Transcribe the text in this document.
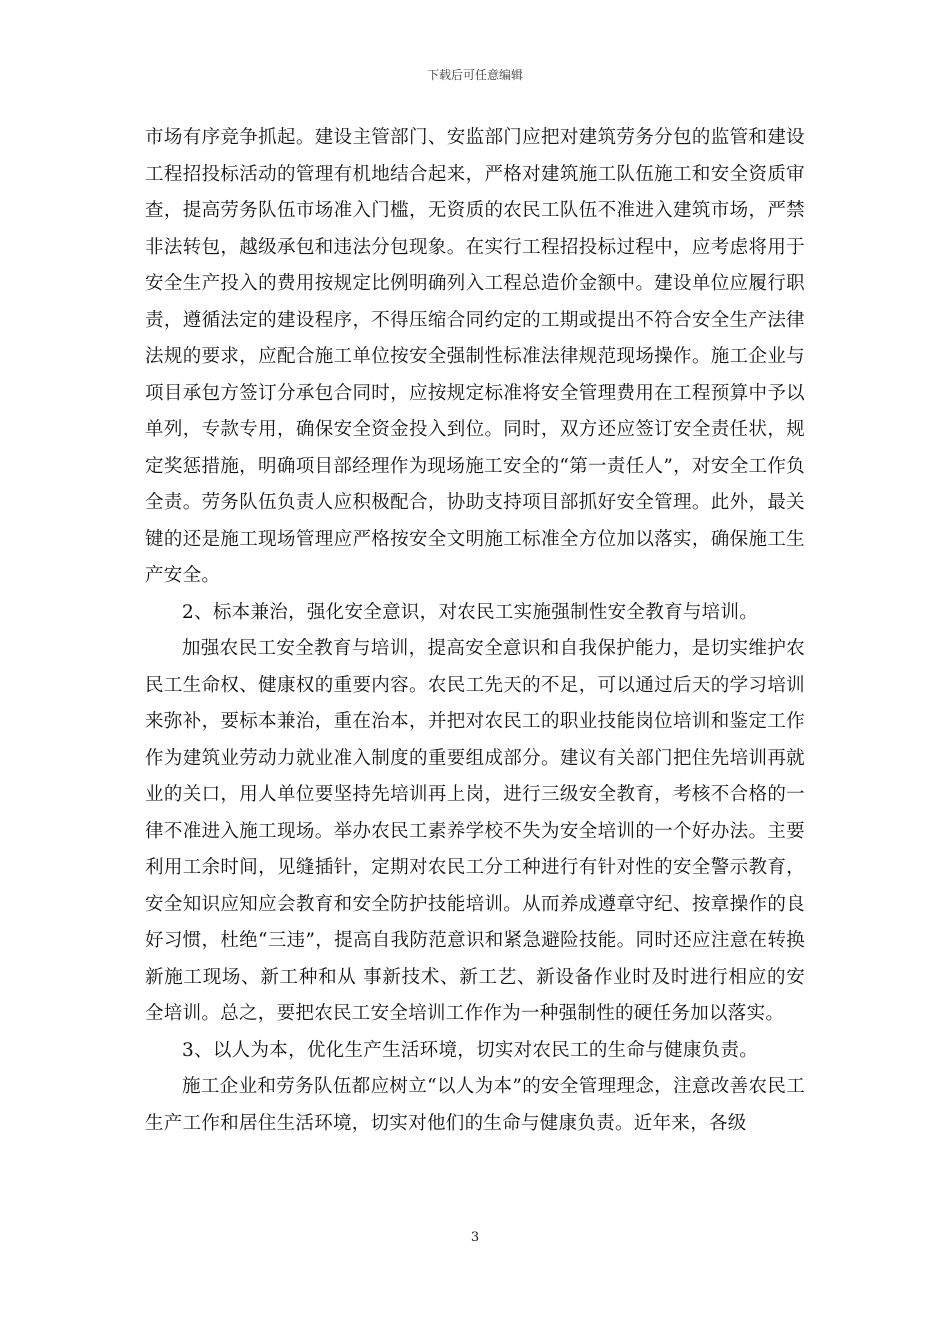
下载后可任意编辑

市场有序竞争抓起。建设主管部门、安监部门应把对建筑劳务分包的监管和建设工程招投标活动的管理有机地结合起来，严格对建筑施工队伍施工和安全资质审查，提高劳务队伍市场准入门槛，无资质的农民工队伍不准进入建筑市场，严禁非法转包，越级承包和违法分包现象。在实行工程招投标过程中，应考虑将用于安全生产投入的费用按规定比例明确列入工程总造价金额中。建设单位应履行职责，遵循法定的建设程序，不得压缩合同约定的工期或提出不符合安全生产法律法规的要求，应配合施工单位按安全强制性标准法律规范现场操作。施工企业与项目承包方签订分承包合同时，应按规定标准将安全管理费用在工程预算中予以单列，专款专用，确保安全资金投入到位。同时，双方还应签订安全责任状，规定奖惩措施，明确项目部经理作为现场施工安全的“第一责任人”，对安全工作负全责。劳务队伍负责人应积极配合，协助支持项目部抓好安全管理。此外，最关键的还是施工现场管理应严格按安全文明施工标准全方位加以落实，确保施工生产安全。

2、标本兼治，强化安全意识，对农民工实施强制性安全教育与培训。

加强农民工安全教育与培训，提高安全意识和自我保护能力，是切实维护农民工生命权、健康权的重要内容。农民工先天的不足，可以通过后天的学习培训来弥补，要标本兼治，重在治本，并把对农民工的职业技能岗位培训和鉴定工作作为建筑业劳动力就业准入制度的重要组成部分。建议有关部门把住先培训再就业的关口，用人单位要坚持先培训再上岗，进行三级安全教育，考核不合格的一律不准进入施工现场。举办农民工素养学校不失为安全培训的一个好办法。主要利用工余时间，见缝插针，定期对农民工分工种进行有针对性的安全警示教育，安全知识应知应会教育和安全防护技能培训。从而养成遵章守纪、按章操作的良好习惯，杜绝“三违”，提高自我防范意识和紧急避险技能。同时还应注意在转换新施工现场、新工种和从 事新技术、新工艺、新设备作业时及时进行相应的安全培训。总之，要把农民工安全培训工作作为一种强制性的硬任务加以落实。

3、以人为本，优化生产生活环境，切实对农民工的生命与健康负责。

施工企业和劳务队伍都应树立“以人为本”的安全管理理念，注意改善农民工生产工作和居住生活环境，切实对他们的生命与健康负责。近年来，各级

3
